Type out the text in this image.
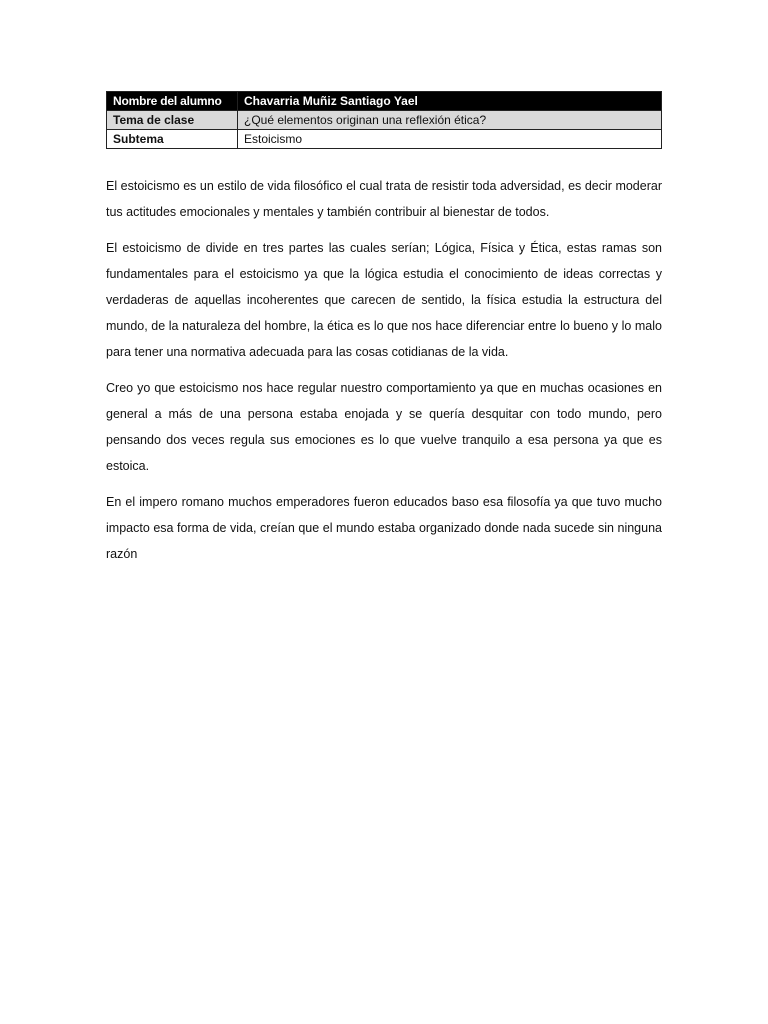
Nombre del alumno	Chavarria Muñiz Santiago Yael
Tema de clase	¿Qué elementos originan una reflexión ética?
Subtema	Estoicismo

El estoicismo es un estilo de vida filosófico el cual trata de resistir toda adversidad, es decir moderar tus actitudes emocionales y mentales y también contribuir al bienestar de todos.

El estoicismo de divide en tres partes las cuales serían; Lógica, Física y Ética, estas ramas son fundamentales para el estoicismo ya que la lógica estudia el conocimiento de ideas correctas y verdaderas de aquellas incoherentes que carecen de sentido, la física estudia la estructura del mundo, de la naturaleza del hombre, la ética es lo que nos hace diferenciar entre lo bueno y lo malo para tener una normativa adecuada para las cosas cotidianas de la vida.

Creo yo que estoicismo nos hace regular nuestro comportamiento ya que en muchas ocasiones en general a más de una persona estaba enojada y se quería desquitar con todo mundo, pero pensando dos veces regula sus emociones es lo que vuelve tranquilo a esa persona ya que es estoica.

En el impero romano muchos emperadores fueron educados baso esa filosofía ya que tuvo mucho impacto esa forma de vida, creían que el mundo estaba organizado donde nada sucede sin ninguna razón
